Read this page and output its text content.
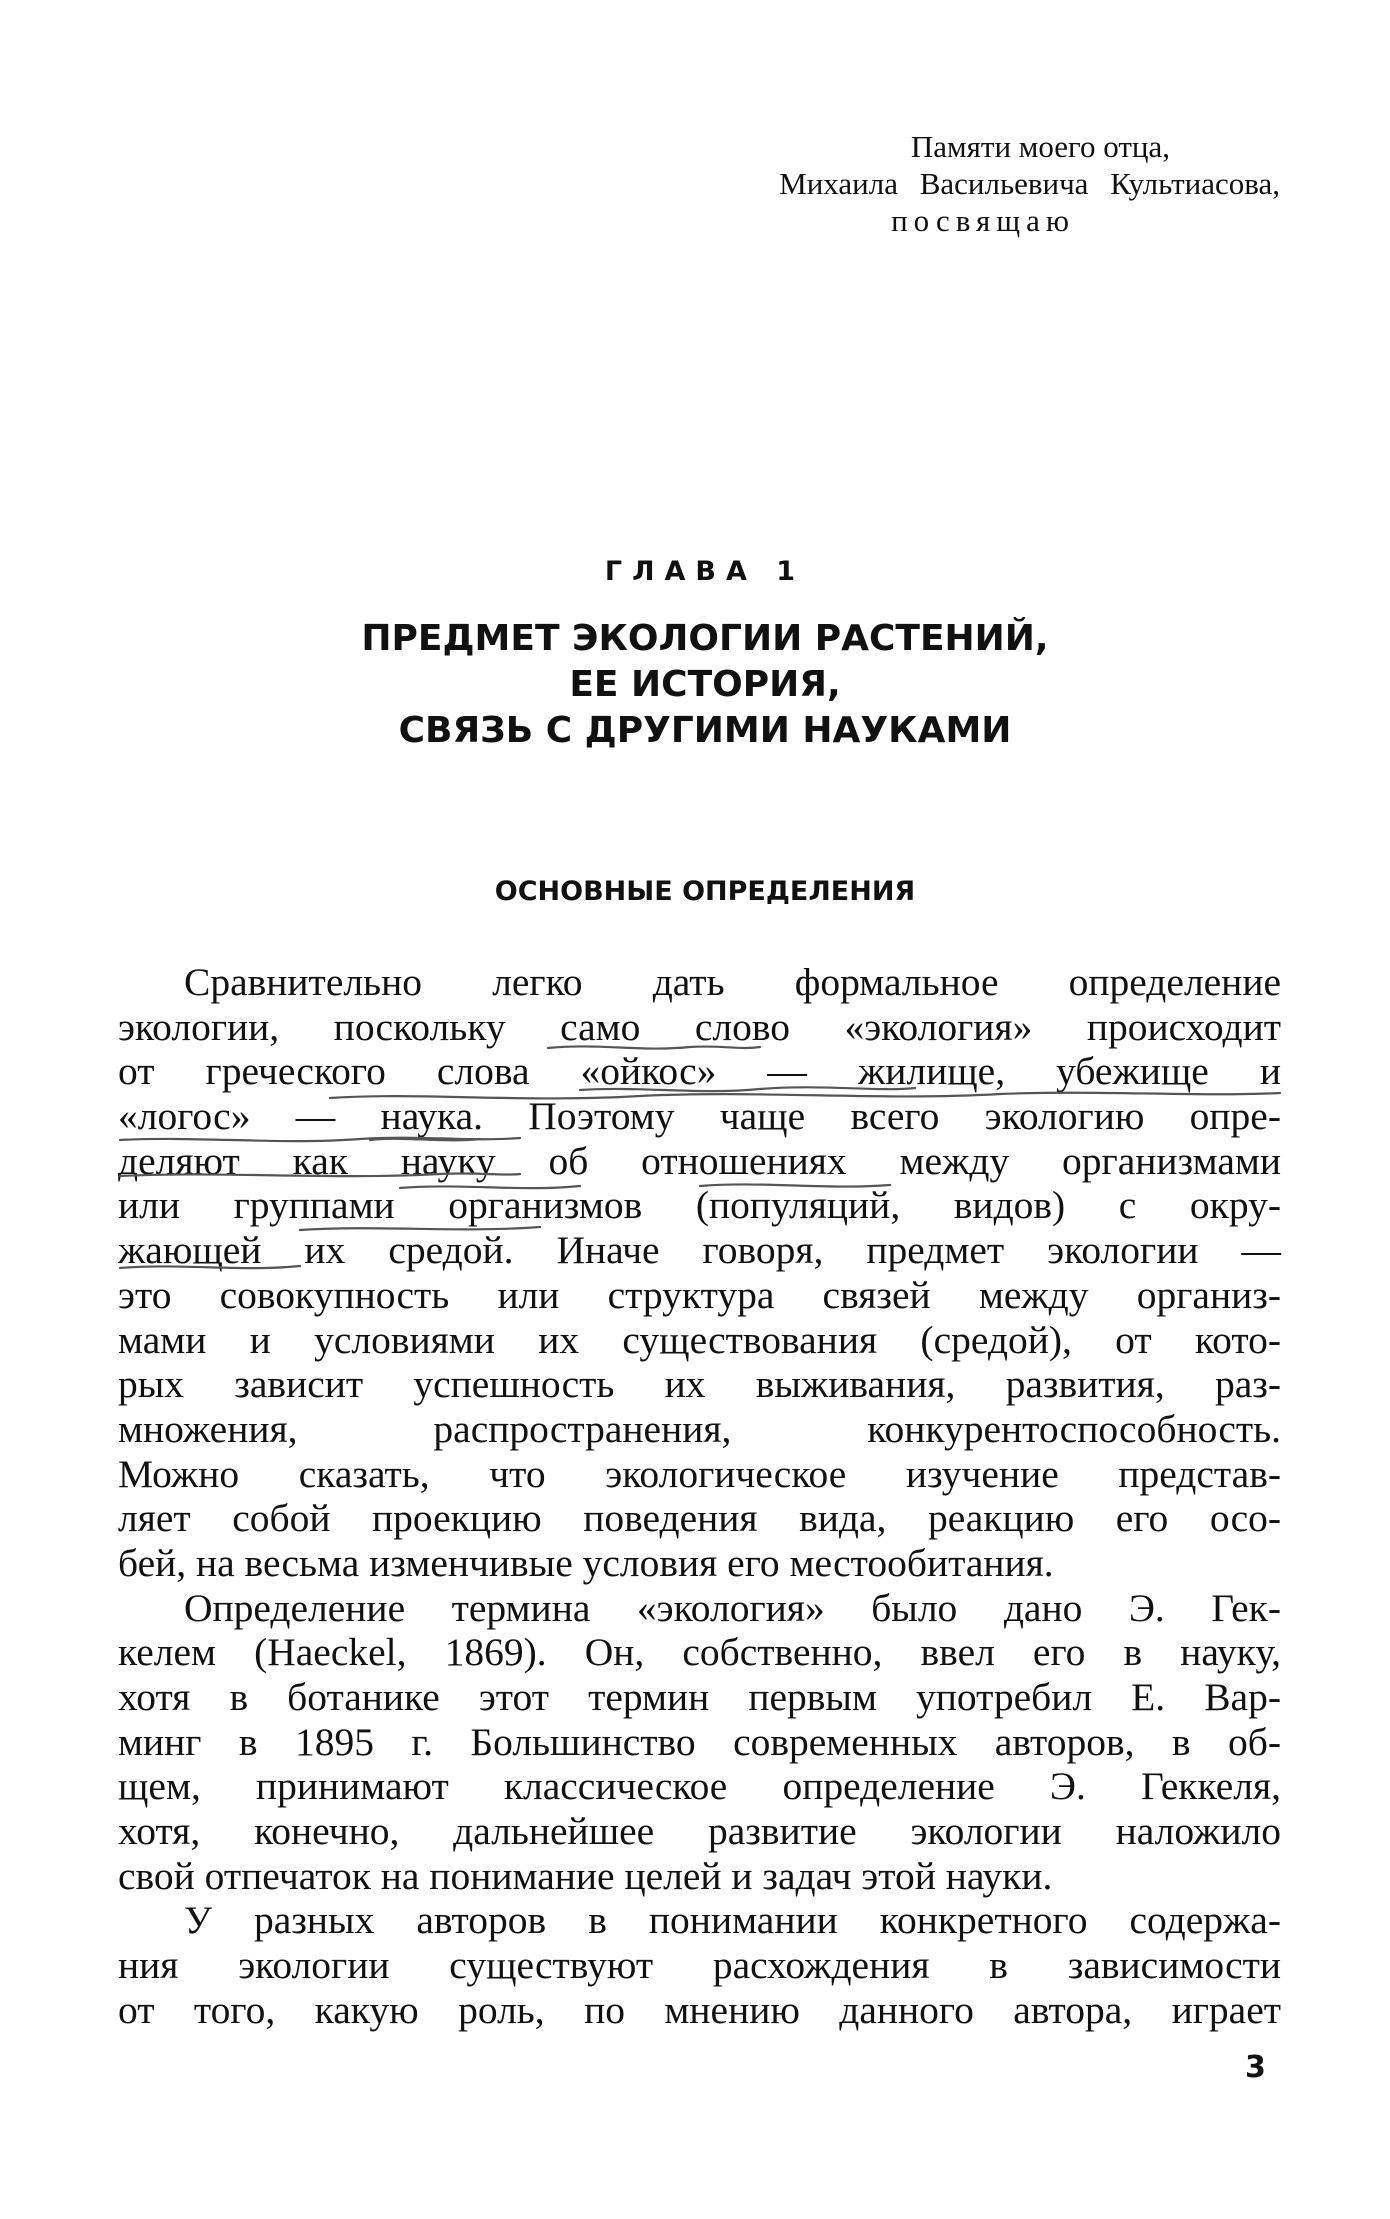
Памяти моего отца,
Михаила Васильевича Культиасова,
посвящаю
ГЛАВА 1
ПРЕДМЕТ ЭКОЛОГИИ РАСТЕНИЙ,
ЕЕ ИСТОРИЯ,
СВЯЗЬ С ДРУГИМИ НАУКАМИ
ОСНОВНЫЕ ОПРЕДЕЛЕНИЯ
Сравнительно легко дать формальное определение
экологии, поскольку само слово «экология» происходит
от греческого слова «ойкос» — жилище, убежище и
«логос» — наука. Поэтому чаще всего экологию опре-
деляют как науку об отношениях между организмами
или группами организмов (популяций, видов) с окру-
жающей их средой. Иначе говоря, предмет экологии —
это совокупность или структура связей между организ-
мами и условиями их существования (средой), от кото-
рых зависит успешность их выживания, развития, раз-
множения, распространения, конкурентоспособность.
Можно сказать, что экологическое изучение представ-
ляет собой проекцию поведения вида, реакцию его осо-
бей, на весьма изменчивые условия его местообитания.
Определение термина «экология» было дано Э. Гек-
келем (Haeckel, 1869). Он, собственно, ввел его в науку,
хотя в ботанике этот термин первым употребил Е. Вар-
минг в 1895 г. Большинство современных авторов, в об-
щем, принимают классическое определение Э. Геккеля,
хотя, конечно, дальнейшее развитие экологии наложило
свой отпечаток на понимание целей и задач этой науки.
У разных авторов в понимании конкретного содержа-
ния экологии существуют расхождения в зависимости
от того, какую роль, по мнению данного автора, играет
3
